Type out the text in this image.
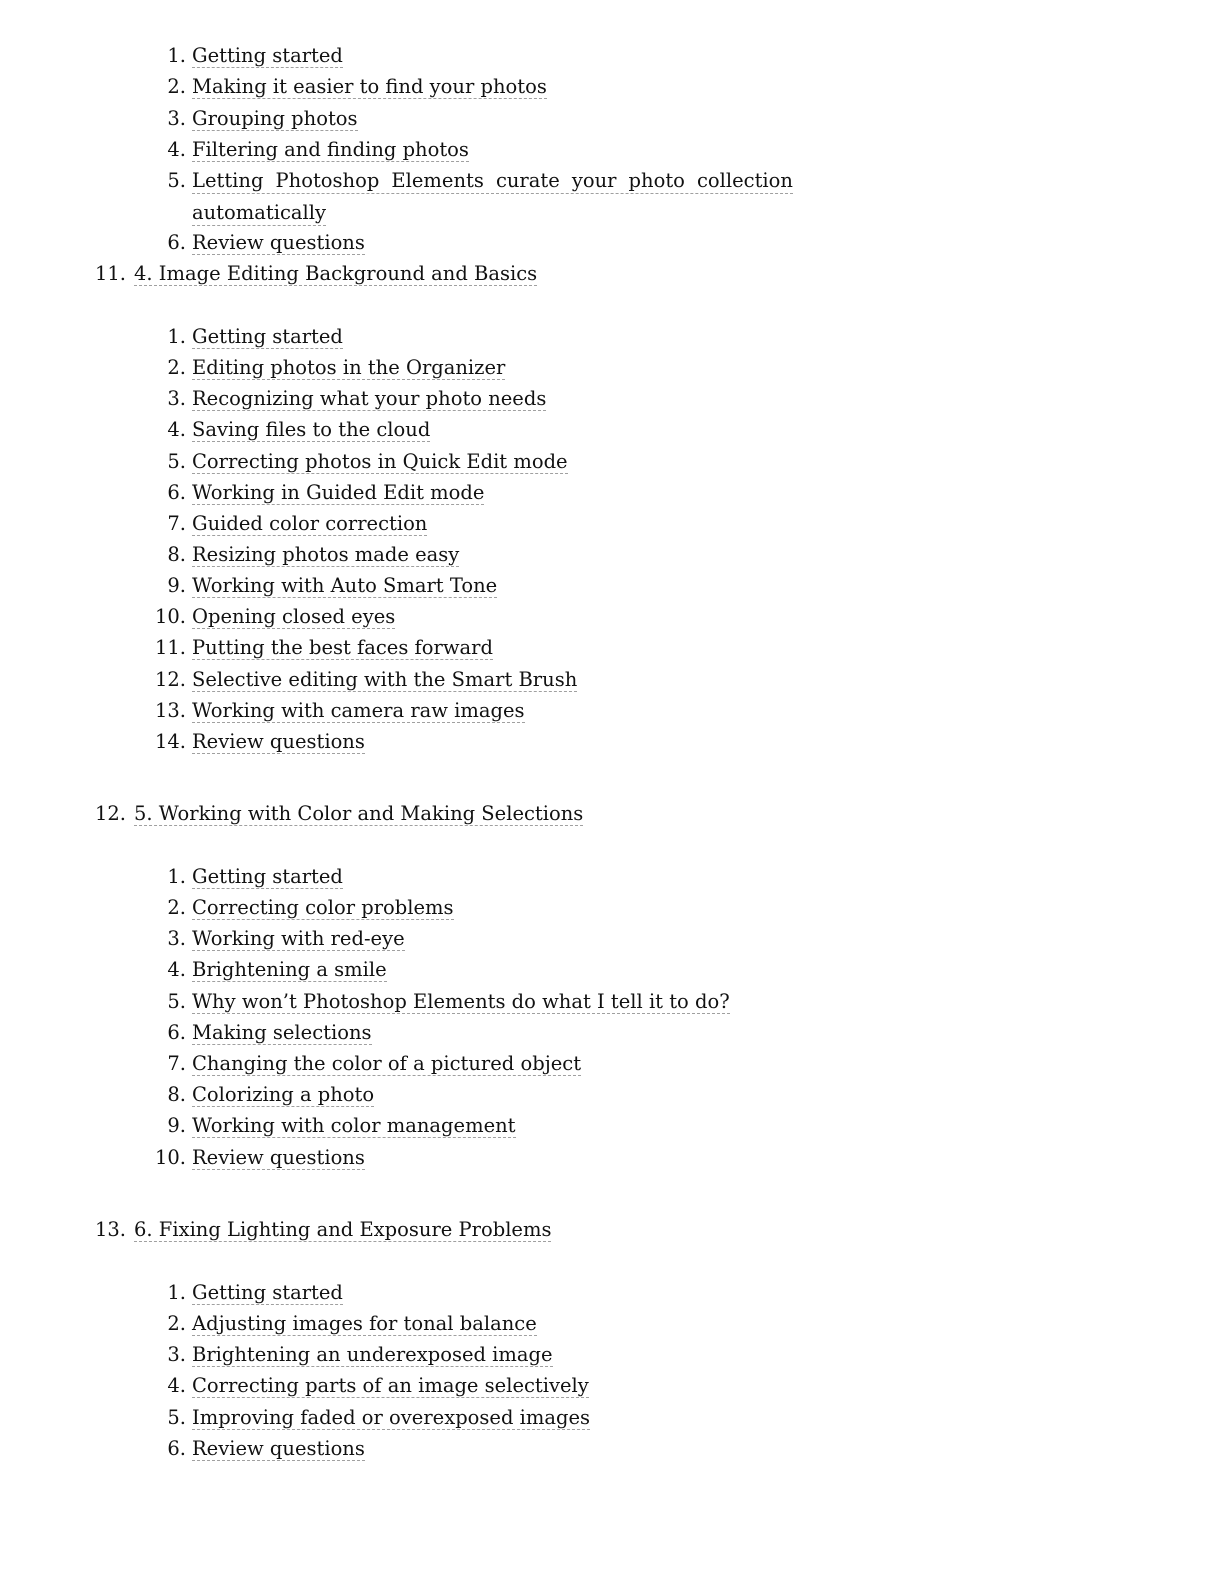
1. Getting started
2. Making it easier to find your photos
3. Grouping photos
4. Filtering and finding photos
5. Letting Photoshop Elements curate your photo collection
automatically
6. Review questions
11. 4. Image Editing Background and Basics
1. Getting started
2. Editing photos in the Organizer
3. Recognizing what your photo needs
4. Saving files to the cloud
5. Correcting photos in Quick Edit mode
6. Working in Guided Edit mode
7. Guided color correction
8. Resizing photos made easy
9. Working with Auto Smart Tone
10. Opening closed eyes
11. Putting the best faces forward
12. Selective editing with the Smart Brush
13. Working with camera raw images
14. Review questions
12. 5. Working with Color and Making Selections
1. Getting started
2. Correcting color problems
3. Working with red-eye
4. Brightening a smile
5. Why won’t Photoshop Elements do what I tell it to do?
6. Making selections
7. Changing the color of a pictured object
8. Colorizing a photo
9. Working with color management
10. Review questions
13. 6. Fixing Lighting and Exposure Problems
1. Getting started
2. Adjusting images for tonal balance
3. Brightening an underexposed image
4. Correcting parts of an image selectively
5. Improving faded or overexposed images
6. Review questions
